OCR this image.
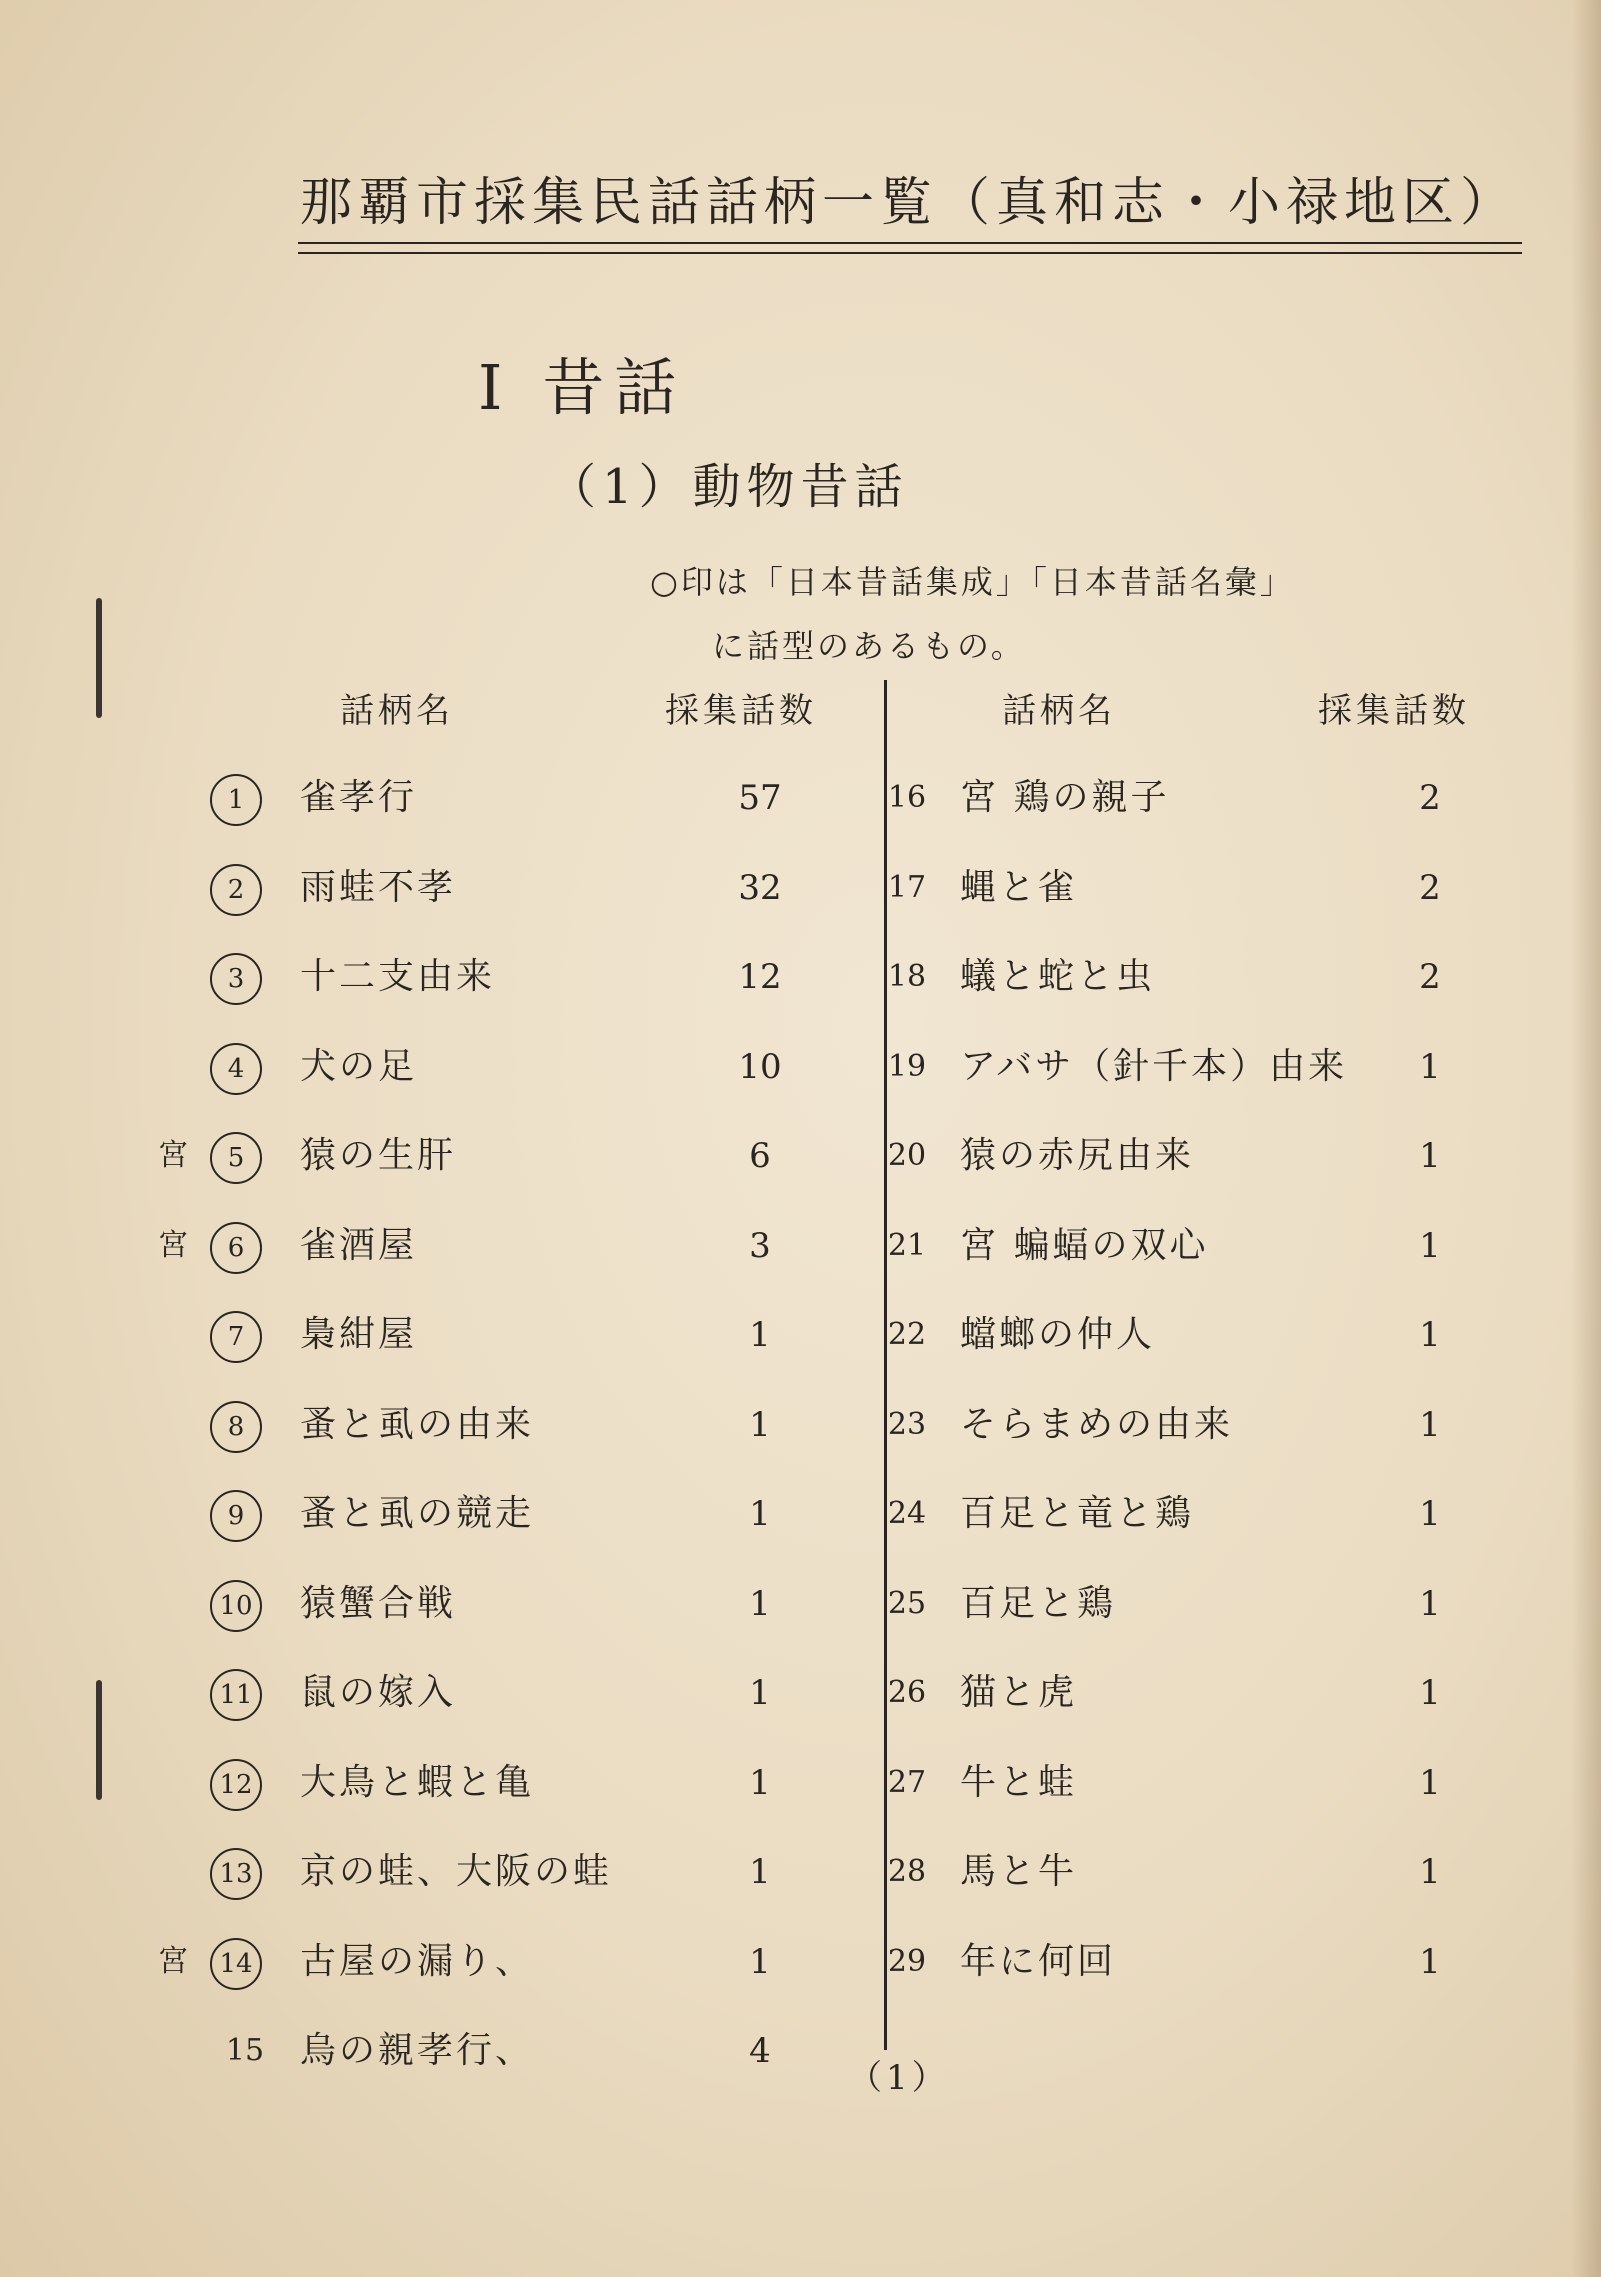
那覇市採集民話話柄一覧（真和志・小禄地区）
Ⅰ 昔話
（1）動物昔話
○印は「日本昔話集成」「日本昔話名彙」
に話型のあるもの。
話柄名	採集話数	話柄名	採集話数
1	雀孝行	57
2	雨蛙不孝	32
3	十二支由来	12
4	犬の足	10
宮	5	猿の生肝	6
宮	6	雀酒屋	3
7	梟紺屋	1
8	蚤と虱の由来	1
9	蚤と虱の競走	1
10 猿蟹合戦	1
11 鼠の嫁入	1
12 大鳥と蝦と亀	1
13 京の蛙、大阪の蛙	1
宮	14 古屋の漏り、	1
15 烏の親孝行、	4
16 宮 鶏の親子	2
17 蝿と雀	2
18 蟻と蛇と虫	2
19 アバサ（針千本）由来	1
20 猿の赤尻由来	1
21 宮 蝙蝠の双心	1
22 蟷螂の仲人	1
23 そらまめの由来	1
24 百足と竜と鶏	1
25 百足と鶏	1
26 猫と虎	1
27 牛と蛙	1
28 馬と牛	1
29 年に何回	1
（1）
